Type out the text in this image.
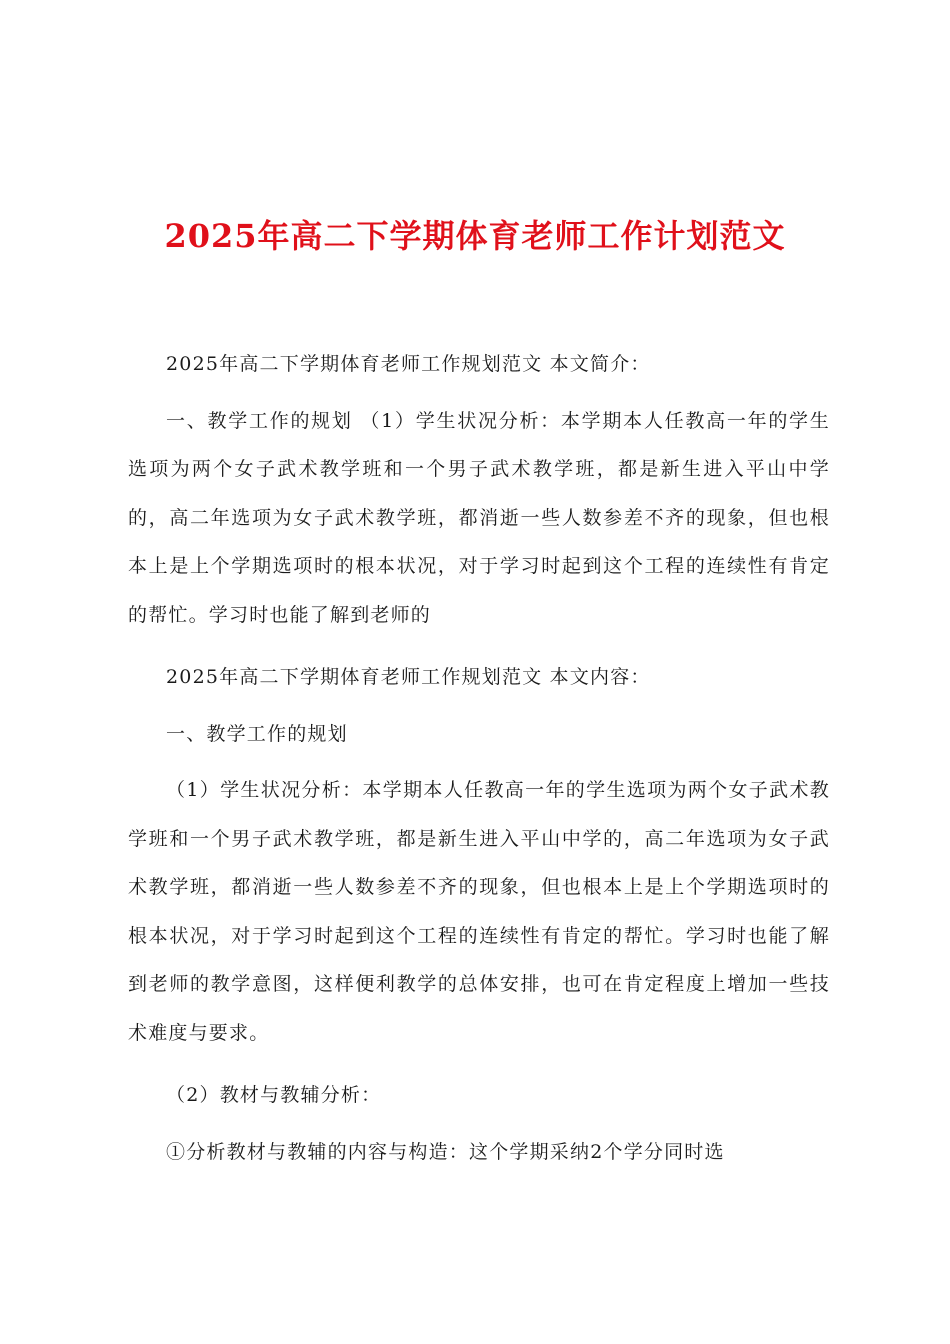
2025年高二下学期体育老师工作计划范文

2025年高二下学期体育老师工作规划范文 本文简介：

一、教学工作的规划 （1）学生状况分析：本学期本人任教高一年的学生选项为两个女子武术教学班和一个男子武术教学班，都是新生进入平山中学的，高二年选项为女子武术教学班，都消逝一些人数参差不齐的现象，但也根本上是上个学期选项时的根本状况，对于学习时起到这个工程的连续性有肯定的帮忙。学习时也能了解到老师的

2025年高二下学期体育老师工作规划范文 本文内容：

一、教学工作的规划

（1）学生状况分析：本学期本人任教高一年的学生选项为两个女子武术教学班和一个男子武术教学班，都是新生进入平山中学的，高二年选项为女子武术教学班，都消逝一些人数参差不齐的现象，但也根本上是上个学期选项时的根本状况，对于学习时起到这个工程的连续性有肯定的帮忙。学习时也能了解到老师的教学意图，这样便利教学的总体安排，也可在肯定程度上增加一些技术难度与要求。

（2）教材与教辅分析：

①分析教材与教辅的内容与构造：这个学期采纳2个学分同时选
